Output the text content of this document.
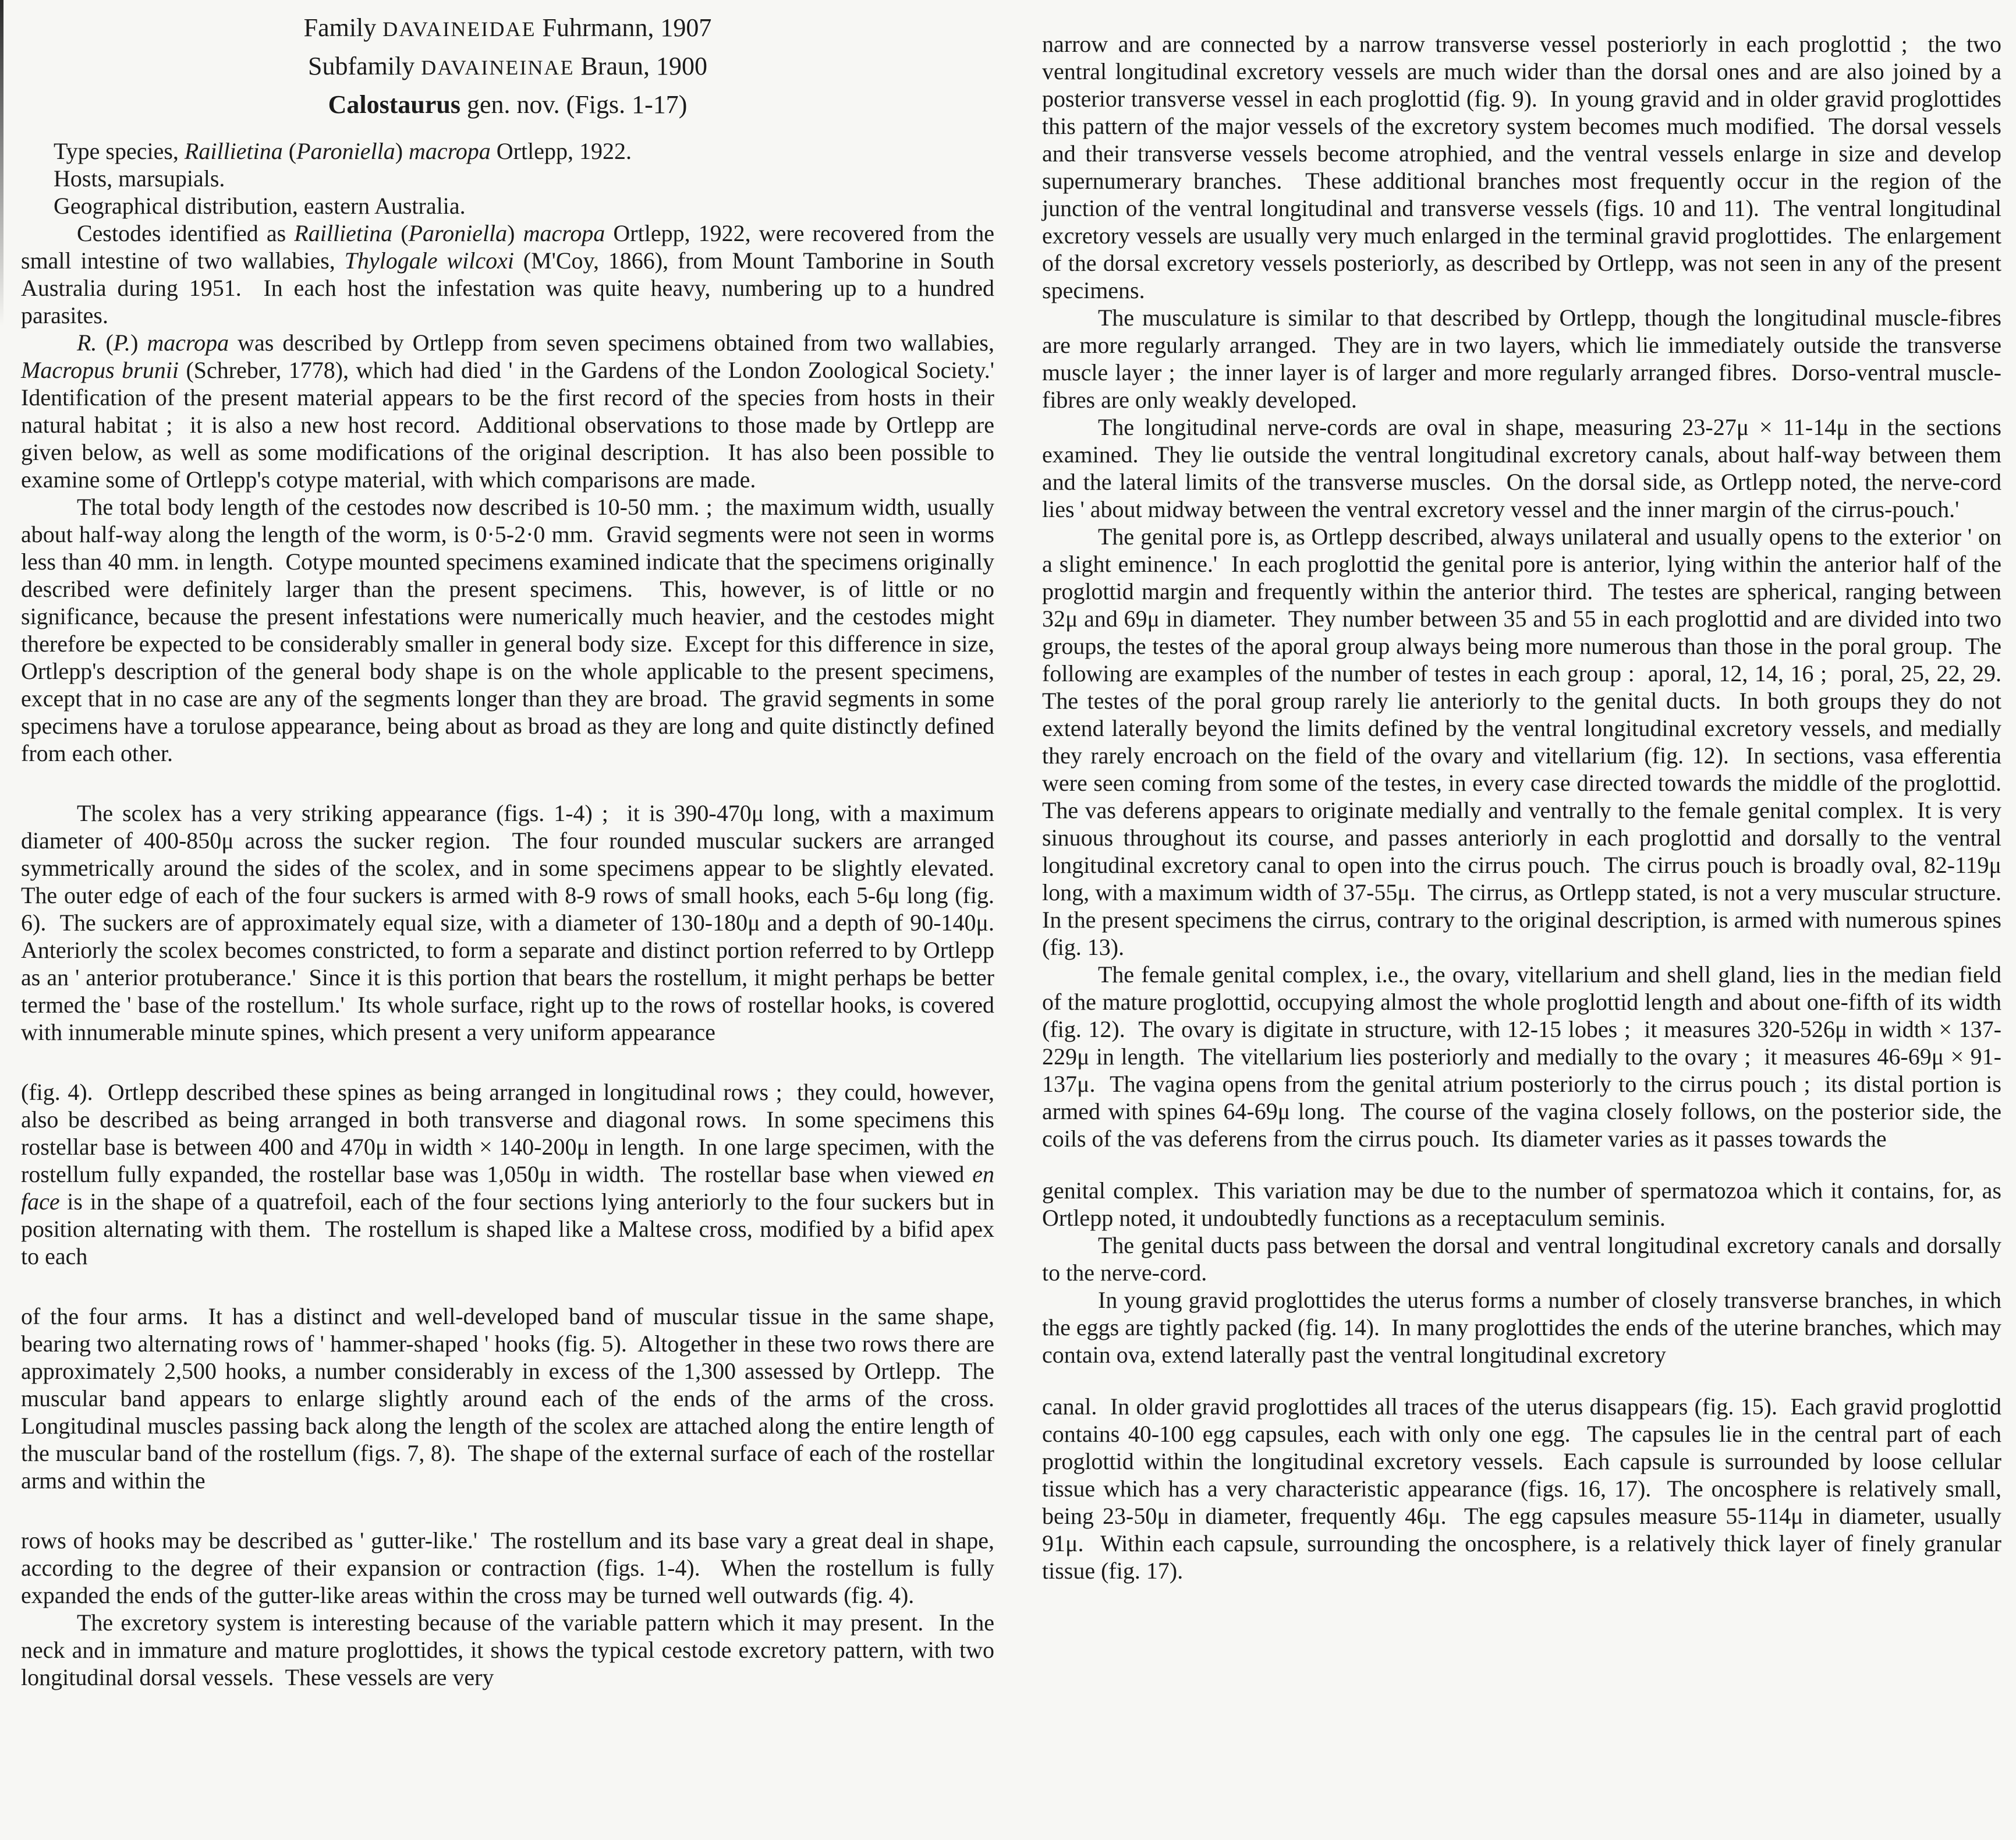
Family DAVAINEIDAE Fuhrmann, 1907
Subfamily DAVAINEINAE Braun, 1900
Calostaurus gen. nov. (Figs. 1-17)

Type species, Raillietina (Paroniella) macropa Ortlepp, 1922.

Hosts, marsupials.

Geographical distribution, eastern Australia.

Cestodes identified as Raillietina (Paroniella) macropa Ortlepp, 1922, were recovered from the small intestine of two wallabies, Thylogale wilcoxi (M'Coy, 1866), from Mount Tamborine in South Australia during 1951.  In each host the infestation was quite heavy, numbering up to a hundred parasites.

R. (P.) macropa was described by Ortlepp from seven specimens obtained from two wallabies, Macropus brunii (Schreber, 1778), which had died ' in the Gardens of the London Zoological Society.'  Identification of the present material appears to be the first record of the species from hosts in their natural habitat ;  it is also a new host record.  Additional observations to those made by Ortlepp are given below, as well as some modifications of the original description.  It has also been possible to examine some of Ortlepp's cotype material, with which comparisons are made.

The total body length of the cestodes now described is 10-50 mm. ;  the maximum width, usually about half-way along the length of the worm, is 0·5-2·0 mm.  Gravid segments were not seen in worms less than 40 mm. in length.  Cotype mounted specimens examined indicate that the specimens originally described were definitely larger than the present specimens.  This, however, is of little or no significance, because the present infestations were numerically much heavier, and the cestodes might therefore be expected to be considerably smaller in general body size.  Except for this difference in size, Ortlepp's description of the general body shape is on the whole applicable to the present specimens, except that in no case are any of the segments longer than they are broad.  The gravid segments in some specimens have a torulose appearance, being about as broad as they are long and quite distinctly defined from each other.

The scolex has a very striking appearance (figs. 1-4) ;  it is 390-470μ long, with a maximum diameter of 400-850μ across the sucker region.  The four rounded muscular suckers are arranged symmetrically around the sides of the scolex, and in some specimens appear to be slightly elevated.  The outer edge of each of the four suckers is armed with 8-9 rows of small hooks, each 5-6μ long (fig. 6).  The suckers are of approximately equal size, with a diameter of 130-180μ and a depth of 90-140μ.  Anteriorly the scolex becomes constricted, to form a separate and distinct portion referred to by Ortlepp as an ' anterior protuberance.'  Since it is this portion that bears the rostellum, it might perhaps be better termed the ' base of the rostellum.'  Its whole surface, right up to the rows of rostellar hooks, is covered with innumerable minute spines, which present a very uniform appearance

(fig. 4).  Ortlepp described these spines as being arranged in longitudinal rows ;  they could, however, also be described as being arranged in both transverse and diagonal rows.  In some specimens this rostellar base is between 400 and 470μ in width × 140-200μ in length.  In one large specimen, with the rostellum fully expanded, the rostellar base was 1,050μ in width.  The rostellar base when viewed en face is in the shape of a quatrefoil, each of the four sections lying anteriorly to the four suckers but in position alternating with them.  The rostellum is shaped like a Maltese cross, modified by a bifid apex to each

of the four arms.  It has a distinct and well-developed band of muscular tissue in the same shape, bearing two alternating rows of ' hammer-shaped ' hooks (fig. 5).  Altogether in these two rows there are approximately 2,500 hooks, a number considerably in excess of the 1,300 assessed by Ortlepp.  The muscular band appears to enlarge slightly around each of the ends of the arms of the cross.  Longitudinal muscles passing back along the length of the scolex are attached along the entire length of the muscular band of the rostellum (figs. 7, 8).  The shape of the external surface of each of the rostellar arms and within the

rows of hooks may be described as ' gutter-like.'  The rostellum and its base vary a great deal in shape, according to the degree of their expansion or contraction (figs. 1-4).  When the rostellum is fully expanded the ends of the gutter-like areas within the cross may be turned well outwards (fig. 4).

The excretory system is interesting because of the variable pattern which it may present.  In the neck and in immature and mature proglottides, it shows the typical cestode excretory pattern, with two longitudinal dorsal vessels.  These vessels are very

narrow and are connected by a narrow transverse vessel posteriorly in each proglottid ;  the two ventral longitudinal excretory vessels are much wider than the dorsal ones and are also joined by a posterior transverse vessel in each proglottid (fig. 9).  In young gravid and in older gravid proglottides this pattern of the major vessels of the excretory system becomes much modified.  The dorsal vessels and their transverse vessels become atrophied, and the ventral vessels enlarge in size and develop supernumerary branches.  These additional branches most frequently occur in the region of the junction of the ventral longitudinal and transverse vessels (figs. 10 and 11).  The ventral longitudinal excretory vessels are usually very much enlarged in the terminal gravid proglottides.  The enlargement of the dorsal excretory vessels posteriorly, as described by Ortlepp, was not seen in any of the present specimens.

The musculature is similar to that described by Ortlepp, though the longitudinal muscle-fibres are more regularly arranged.  They are in two layers, which lie immediately outside the transverse muscle layer ;  the inner layer is of larger and more regularly arranged fibres.  Dorso-ventral muscle-fibres are only weakly developed.

The longitudinal nerve-cords are oval in shape, measuring 23-27μ × 11-14μ in the sections examined.  They lie outside the ventral longitudinal excretory canals, about half-way between them and the lateral limits of the transverse muscles.  On the dorsal side, as Ortlepp noted, the nerve-cord lies ' about midway between the ventral excretory vessel and the inner margin of the cirrus-pouch.'

The genital pore is, as Ortlepp described, always unilateral and usually opens to the exterior ' on a slight eminence.'  In each proglottid the genital pore is anterior, lying within the anterior half of the proglottid margin and frequently within the anterior third.  The testes are spherical, ranging between 32μ and 69μ in diameter.  They number between 35 and 55 in each proglottid and are divided into two groups, the testes of the aporal group always being more numerous than those in the poral group.  The following are examples of the number of testes in each group :  aporal, 12, 14, 16 ;  poral, 25, 22, 29.  The testes of the poral group rarely lie anteriorly to the genital ducts.  In both groups they do not extend laterally beyond the limits defined by the ventral longitudinal excretory vessels, and medially they rarely encroach on the field of the ovary and vitellarium (fig. 12).  In sections, vasa efferentia were seen coming from some of the testes, in every case directed towards the middle of the proglottid.  The vas deferens appears to originate medially and ventrally to the female genital complex.  It is very sinuous throughout its course, and passes anteriorly in each proglottid and dorsally to the ventral longitudinal excretory canal to open into the cirrus pouch.  The cirrus pouch is broadly oval, 82-119μ long, with a maximum width of 37-55μ.  The cirrus, as Ortlepp stated, is not a very muscular structure.  In the present specimens the cirrus, contrary to the original description, is armed with numerous spines (fig. 13).

The female genital complex, i.e., the ovary, vitellarium and shell gland, lies in the median field of the mature proglottid, occupying almost the whole proglottid length and about one-fifth of its width (fig. 12).  The ovary is digitate in structure, with 12-15 lobes ;  it measures 320-526μ in width × 137-229μ in length.  The vitellarium lies posteriorly and medially to the ovary ;  it measures 46-69μ × 91-137μ.  The vagina opens from the genital atrium posteriorly to the cirrus pouch ;  its distal portion is armed with spines 64-69μ long.  The course of the vagina closely follows, on the posterior side, the coils of the vas deferens from the cirrus pouch.  Its diameter varies as it passes towards the

genital complex.  This variation may be due to the number of spermatozoa which it contains, for, as Ortlepp noted, it undoubtedly functions as a receptaculum seminis.

The genital ducts pass between the dorsal and ventral longitudinal excretory canals and dorsally to the nerve-cord.

In young gravid proglottides the uterus forms a number of closely transverse branches, in which the eggs are tightly packed (fig. 14).  In many proglottides the ends of the uterine branches, which may contain ova, extend laterally past the ventral longitudinal excretory

canal.  In older gravid proglottides all traces of the uterus disappears (fig. 15).  Each gravid proglottid contains 40-100 egg capsules, each with only one egg.  The capsules lie in the central part of each proglottid within the longitudinal excretory vessels.  Each capsule is surrounded by loose cellular tissue which has a very characteristic appearance (figs. 16, 17).  The oncosphere is relatively small, being 23-50μ in diameter, frequently 46μ.  The egg capsules measure 55-114μ in diameter, usually 91μ.  Within each capsule, surrounding the oncosphere, is a relatively thick layer of finely granular tissue (fig. 17).
